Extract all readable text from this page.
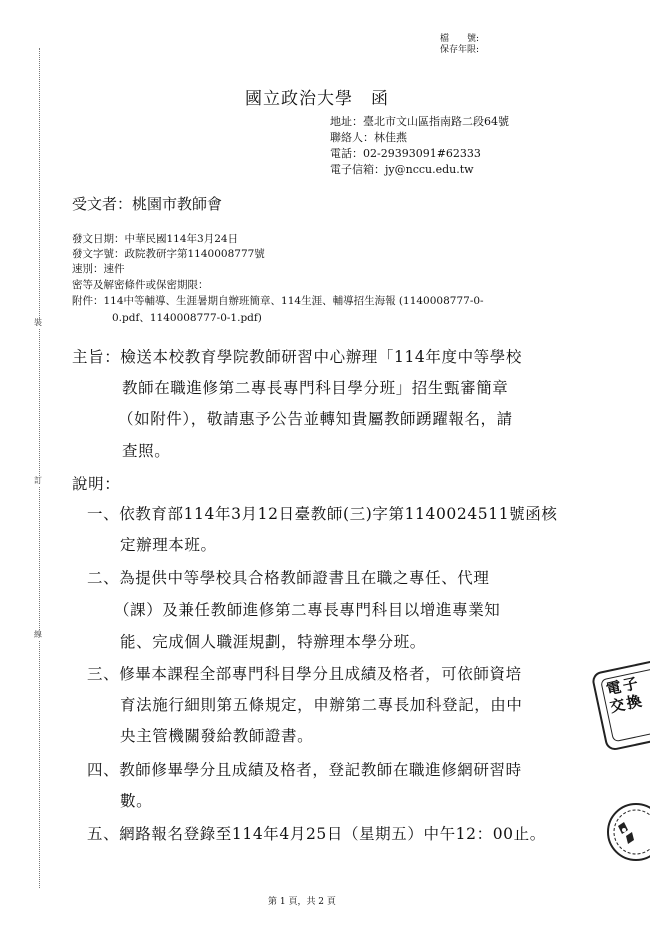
裝
訂
線
檔　　號:
保存年限:
國立政治大學　函
地址：臺北市文山區指南路二段64號
聯絡人：林佳燕
電話：02-29393091#62333
電子信箱：jy@nccu.edu.tw
受文者：桃園市教師會
發文日期：中華民國114年3月24日
發文字號：政院教研字第1140008777號
速別：速件
密等及解密條件或保密期限：
附件：114中等輔導、生涯暑期自辦班簡章、114生涯、輔導招生海報 (1140008777-0-
0.pdf、1140008777-0-1.pdf)
主旨：檢送本校教育學院教師研習中心辦理「114年度中等學校
教師在職進修第二專長專門科目學分班」招生甄審簡章
（如附件），敬請惠予公告並轉知貴屬教師踴躍報名，請
查照。
說明：
一、依教育部114年3月12日臺教師(三)字第1140024511號函核
定辦理本班。
二、為提供中等學校具合格教師證書且在職之專任、代理
（課）及兼任教師進修第二專長專門科目以增進專業知
能、完成個人職涯規劃，特辦理本學分班。
三、修畢本課程全部專門科目學分且成績及格者，可依師資培
育法施行細則第五條規定，申辦第二專長加科登記，由中
央主管機關發給教師證書。
四、教師修畢學分且成績及格者，登記教師在職進修網研習時
數。
五、網路報名登錄至114年4月25日（星期五）中午12：00止。
電子交換
第 1 頁，共 2 頁
